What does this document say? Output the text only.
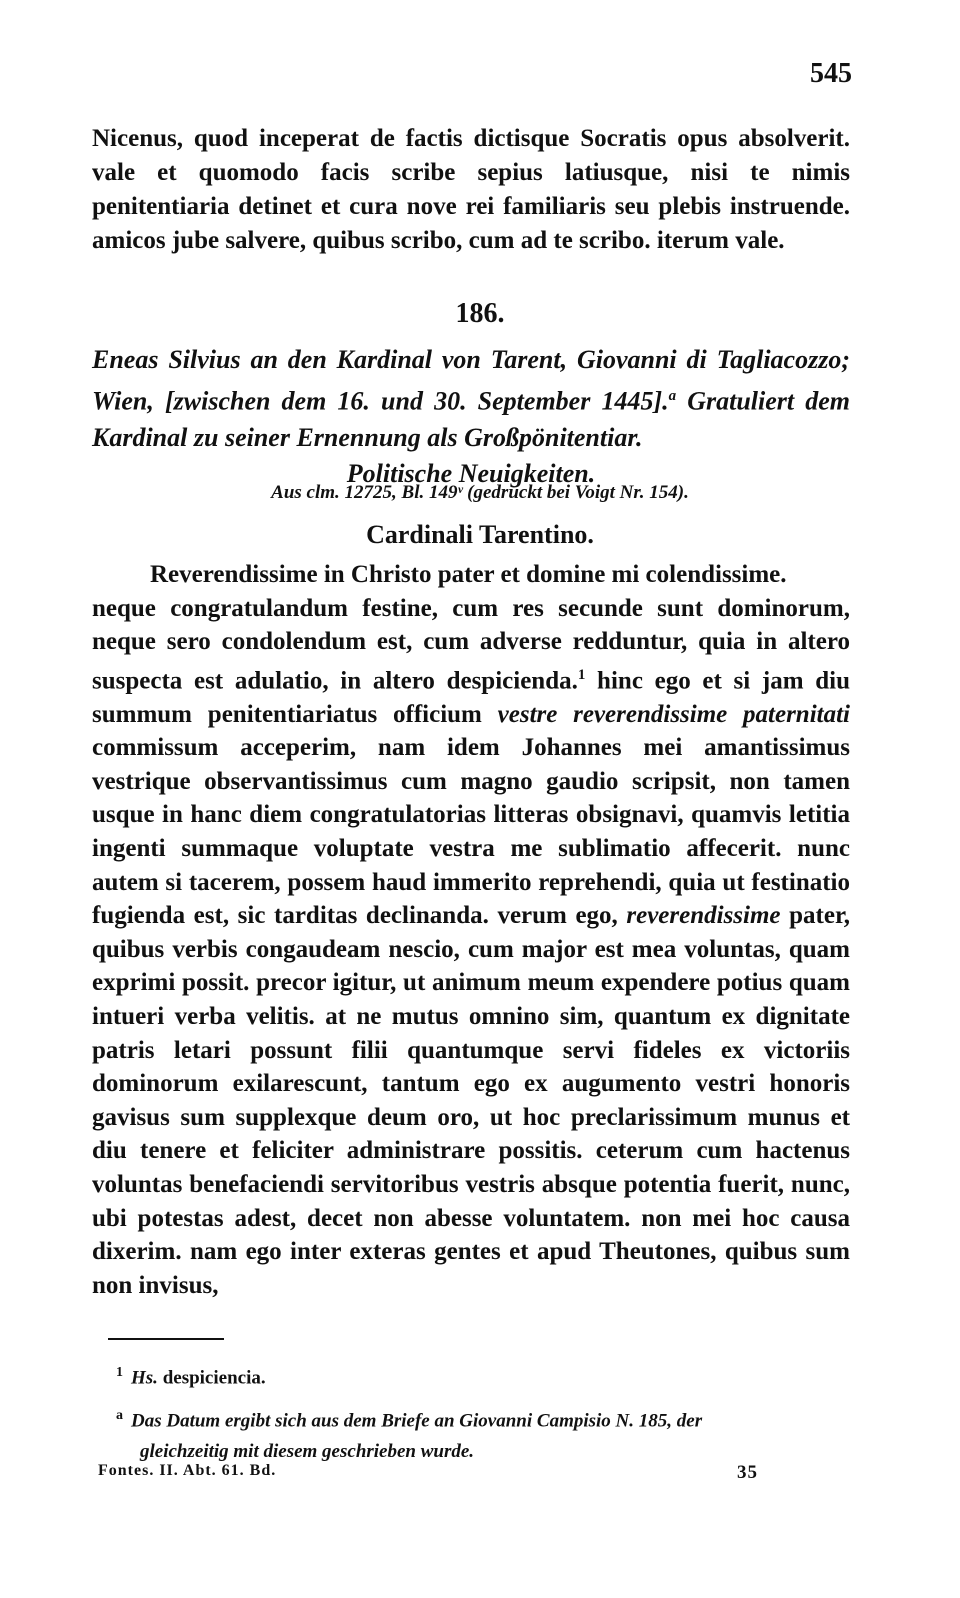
545

Nicenus, quod inceperat de factis dictisque Socratis opus absolverit. vale et quomodo facis scribe sepius latiusque, nisi te nimis penitentiaria detinet et cura nove rei familiaris seu plebis instruende. amicos jube salvere, quibus scribo, cum ad te scribo. iterum vale.

186.

Eneas Silvius an den Kardinal von Tarent, Giovanni di Tagliacozzo; Wien, [zwischen dem 16. und 30. September 1445].$^a$ Gratuliert dem Kardinal zu seiner Ernennung als Großpönitentiar.
Politische Neuigkeiten.

Aus clm. 12725, Bl. 149ᵛ (gedruckt bei Voigt Nr. 154).
Cardinali Tarentino.

Reverendissime in Christo pater et domine mi colendissime.

neque congratulandum festine, cum res secunde sunt dominorum, neque sero condolendum est, cum adverse redduntur, quia in altero suspecta est adulatio, in altero despicienda.$^1$ hinc ego et si jam diu summum penitentiariatus officium vestre reverendissime paternitati commissum acceperim, nam idem Johannes mei amantissimus vestrique observantissimus cum magno gaudio scripsit, non tamen usque in hanc diem congratulatorias litteras obsignavi, quamvis letitia ingenti summaque voluptate vestra me sublimatio affecerit. nunc autem si tacerem, possem haud immerito reprehendi, quia ut festinatio fugienda est, sic tarditas declinanda. verum ego, reverendissime pater, quibus verbis congaudeam nescio, cum major est mea voluntas, quam exprimi possit. precor igitur, ut animum meum expendere potius quam intueri verba velitis. at ne mutus omnino sim, quantum ex dignitate patris letari possunt filii quantumque servi fideles ex victoriis dominorum exilarescunt, tantum ego ex augumento vestri honoris gavisus sum supplexque deum oro, ut hoc preclarissimum munus et diu tenere et feliciter administrare possitis. ceterum cum hactenus voluntas benefaciendi servitoribus vestris absque potentia fuerit, nunc, ubi potestas adest, decet non abesse voluntatem. non mei hoc causa dixerim. nam ego inter exteras gentes et apud Theutones, quibus sum non invisus,

$^1$ Hs. despiciencia.

$^a$ Das Datum ergibt sich aus dem Briefe an Giovanni Campisio N. 185, der
gleichzeitig mit diesem geschrieben wurde.

Fontes. II. Abt. 61. Bd.	35
